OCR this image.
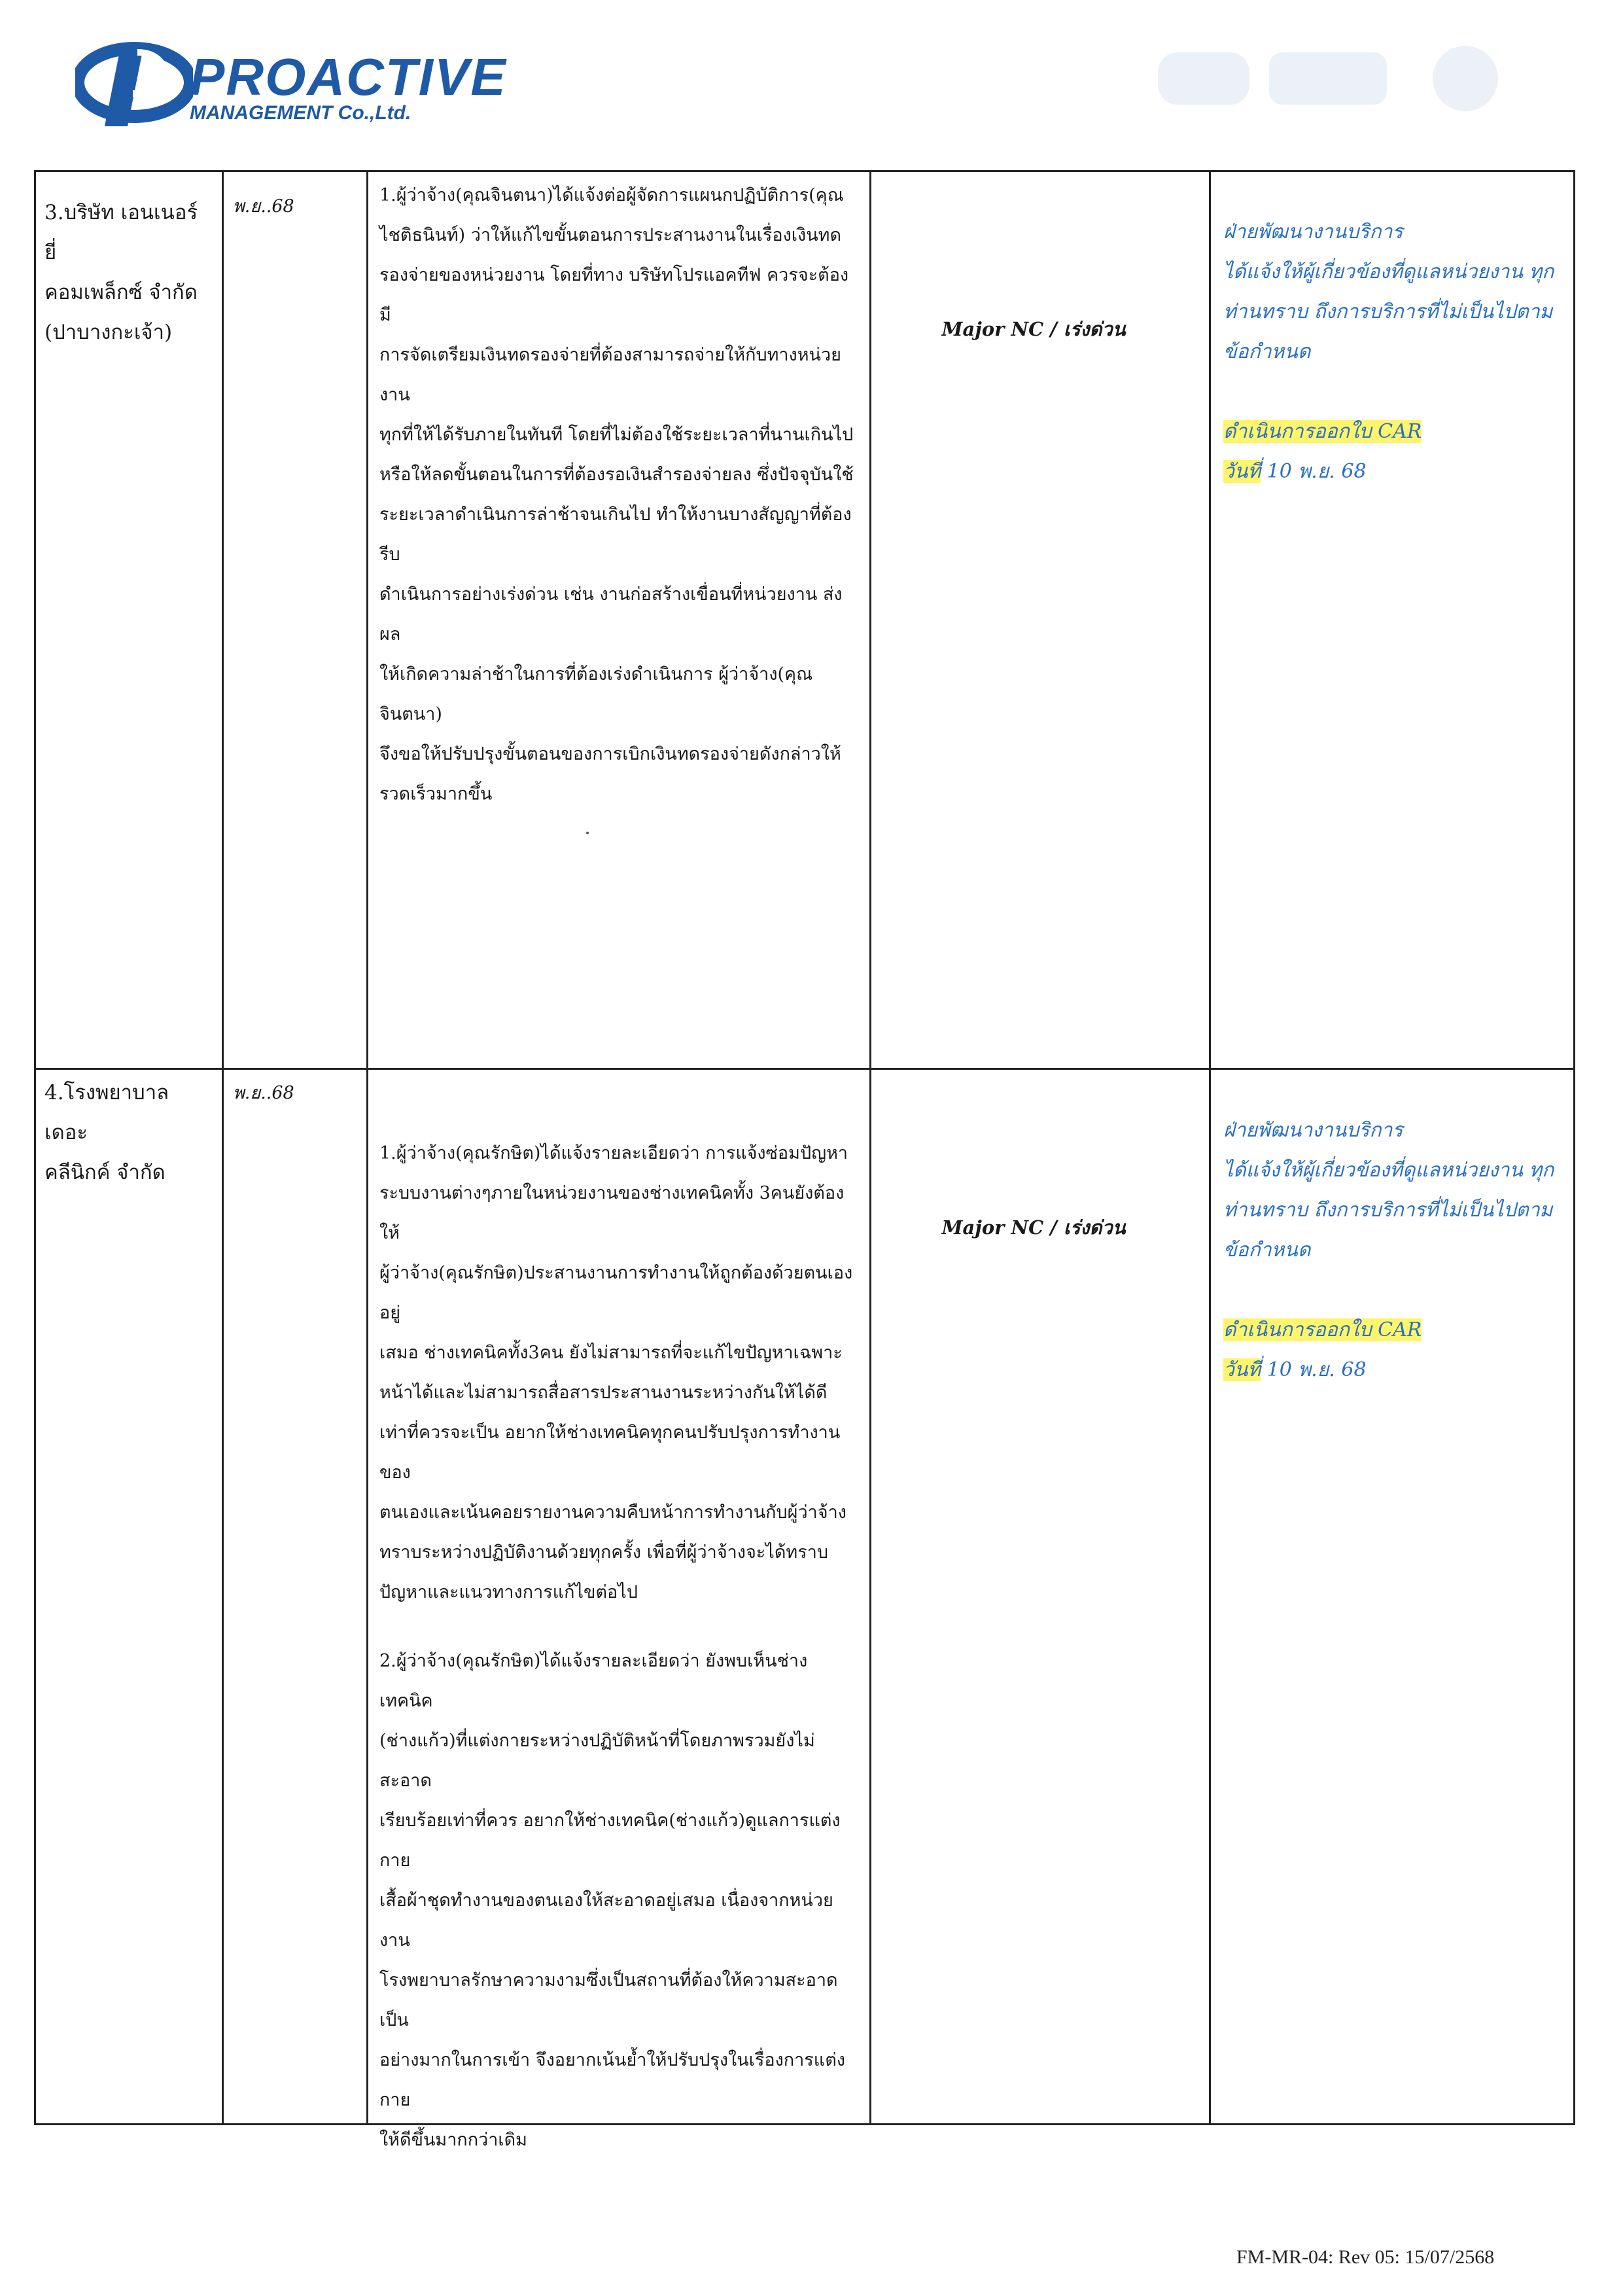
PROACTIVE
MANAGEMENT Co.,Ltd.
3.บริษัท เอนเนอร์ยี่
คอมเพล็กซ์ จำกัด
(ปาบางกะเจ้า)
พ.ย..68
1.ผู้ว่าจ้าง(คุณจินตนา)ได้แจ้งต่อผู้จัดการแผนกปฏิบัติการ(คุณ
ไชติธนินท์) ว่าให้แก้ไขขั้นตอนการประสานงานในเรื่องเงินทด
รองจ่ายของหน่วยงาน โดยที่ทาง บริษัทโปรแอคทีฟ ควรจะต้องมี
การจัดเตรียมเงินทดรองจ่ายที่ต้องสามารถจ่ายให้กับทางหน่วยงาน
ทุกที่ให้ได้รับภายในทันที โดยที่ไม่ต้องใช้ระยะเวลาที่นานเกินไป
หรือให้ลดขั้นตอนในการที่ต้องรอเงินสำรองจ่ายลง ซึ่งปัจจุบันใช้
ระยะเวลาดำเนินการล่าช้าจนเกินไป ทำให้งานบางสัญญาที่ต้องรีบ
ดำเนินการอย่างเร่งด่วน เช่น งานก่อสร้างเขื่อนที่หน่วยงาน ส่งผล
ให้เกิดความล่าช้าในการที่ต้องเร่งดำเนินการ ผู้ว่าจ้าง(คุณจินตนา)
จึงขอให้ปรับปรุงขั้นตอนของการเบิกเงินทดรองจ่ายดังกล่าวให้
รวดเร็วมากขึ้น
Major NC / เร่งด่วน
ฝ่ายพัฒนางานบริการ
ได้แจ้งให้ผู้เกี่ยวข้องที่ดูแลหน่วยงาน ทุก
ท่านทราบ ถึงการบริการที่ไม่เป็นไปตาม
ข้อกำหนด
ดำเนินการออกใบ CAR
วันที่ 10 พ.ย. 68
4.โรงพยาบาลเดอะ
คลีนิกค์ จำกัด
พ.ย..68
1.ผู้ว่าจ้าง(คุณรักษิต)ได้แจ้งรายละเอียดว่า การแจ้งซ่อมปัญหา
ระบบงานต่างๆภายในหน่วยงานของช่างเทคนิคทั้ง 3คนยังต้องให้
ผู้ว่าจ้าง(คุณรักษิต)ประสานงานการทำงานให้ถูกต้องด้วยตนเองอยู่
เสมอ ช่างเทคนิคทั้ง3คน ยังไม่สามารถที่จะแก้ไขปัญหาเฉพาะ
หน้าได้และไม่สามารถสื่อสารประสานงานระหว่างกันให้ได้ดี
เท่าที่ควรจะเป็น อยากให้ช่างเทคนิคทุกคนปรับปรุงการทำงานของ
ตนเองและเน้นคอยรายงานความคืบหน้าการทำงานกับผู้ว่าจ้าง
ทราบระหว่างปฏิบัติงานด้วยทุกครั้ง เพื่อที่ผู้ว่าจ้างจะได้ทราบ
ปัญหาและแนวทางการแก้ไขต่อไป
2.ผู้ว่าจ้าง(คุณรักษิต)ได้แจ้งรายละเอียดว่า ยังพบเห็นช่างเทคนิค
(ช่างแก้ว)ที่แต่งกายระหว่างปฏิบัติหน้าที่โดยภาพรวมยังไม่สะอาด
เรียบร้อยเท่าที่ควร อยากให้ช่างเทคนิค(ช่างแก้ว)ดูแลการแต่งกาย
เสื้อผ้าชุดทำงานของตนเองให้สะอาดอยู่เสมอ เนื่องจากหน่วยงาน
โรงพยาบาลรักษาความงามซึ่งเป็นสถานที่ต้องให้ความสะอาดเป็น
อย่างมากในการเข้า จึงอยากเน้นย้ำให้ปรับปรุงในเรื่องการแต่งกาย
ให้ดีขึ้นมากกว่าเดิม
Major NC / เร่งด่วน
ฝ่ายพัฒนางานบริการ
ได้แจ้งให้ผู้เกี่ยวข้องที่ดูแลหน่วยงาน ทุก
ท่านทราบ ถึงการบริการที่ไม่เป็นไปตาม
ข้อกำหนด
ดำเนินการออกใบ CAR
วันที่ 10 พ.ย. 68
FM-MR-04: Rev 05: 15/07/2568
